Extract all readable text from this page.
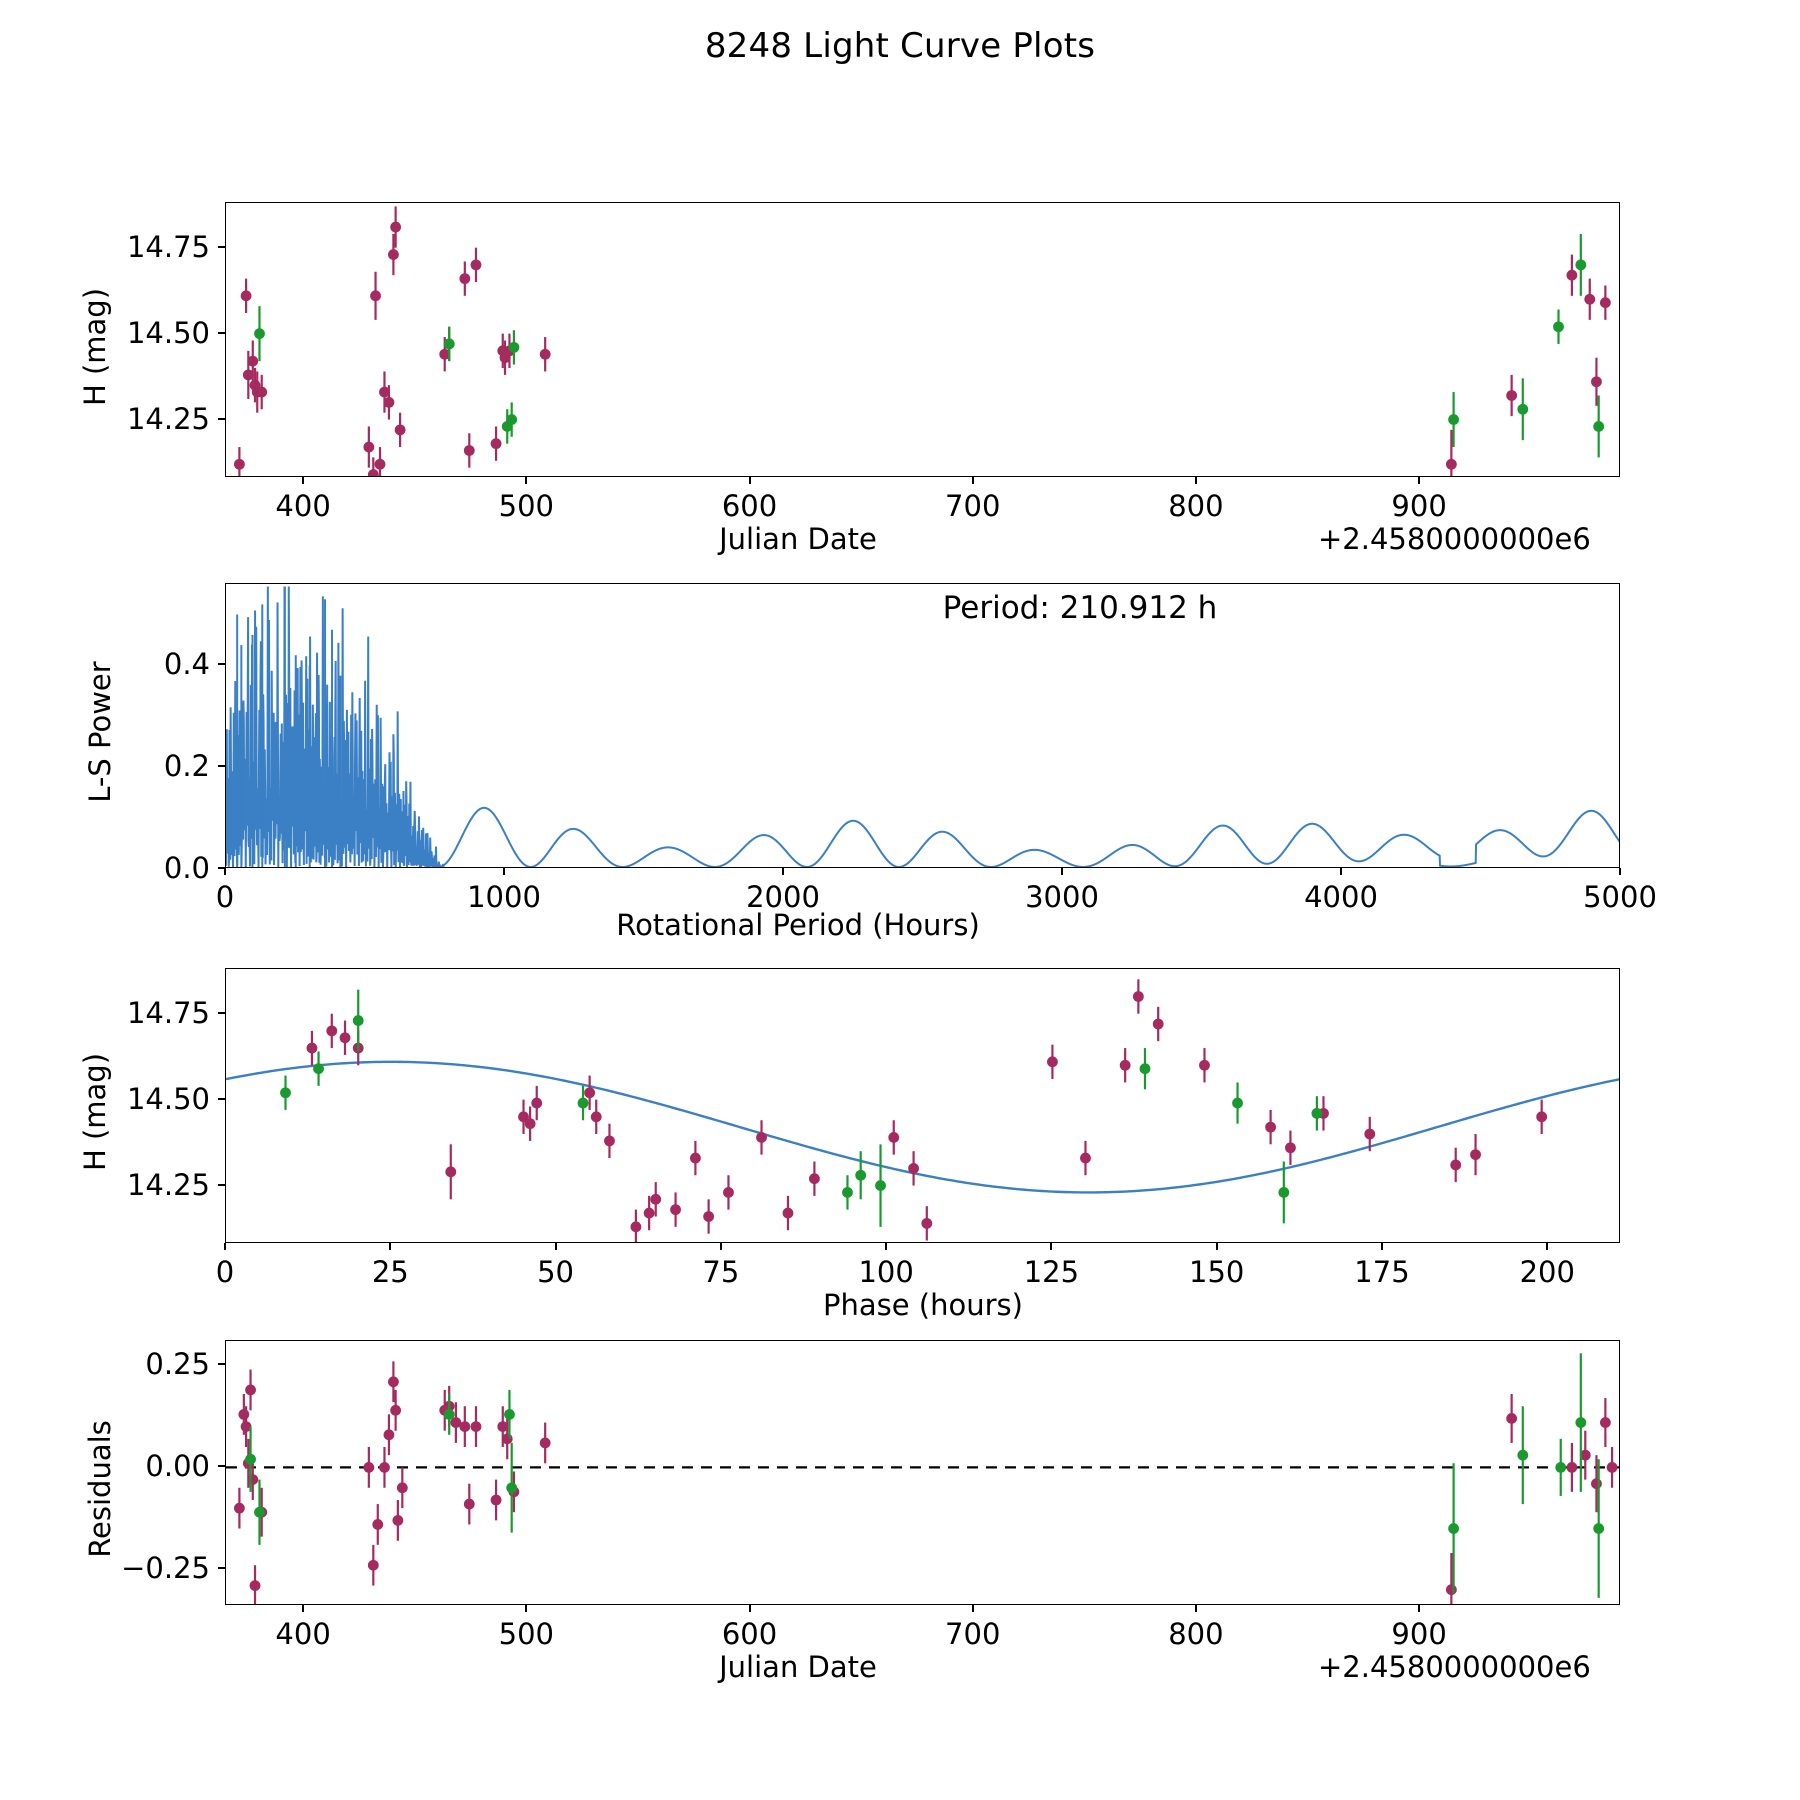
8248 Light Curve Plots
H (mag)
Julian Date	+2.4580000000e6
Period: 210.912 h
L-S Power
Rotational Period (Hours)
H (mag)
Phase (hours)
Residuals
Julian Date	+2.4580000000e6
400	500	600	700	800	900
14.25
14.50
14.75
0	1000	2000	3000	4000	5000
0.0
0.2
0.4
0	25	50	75	100	125	150	175	200
14.25
14.50
14.75
400	500	600	700	800	900
−0.25
0.00
0.25
